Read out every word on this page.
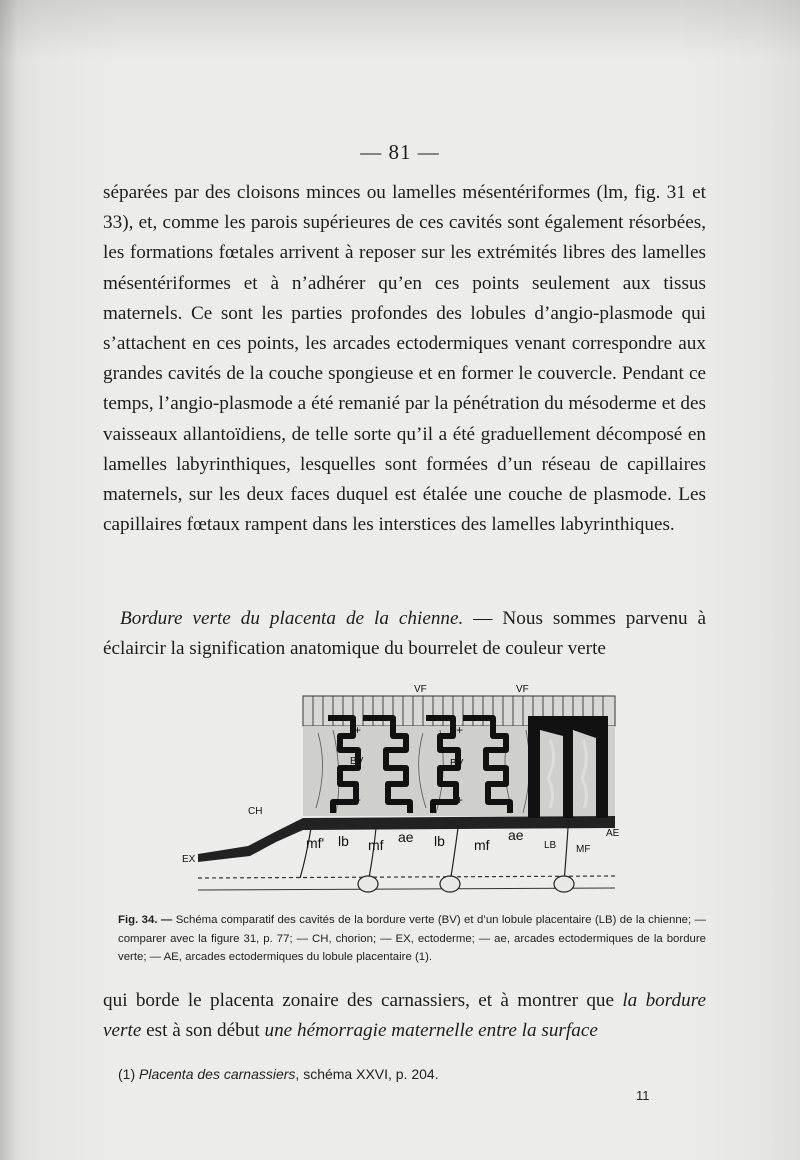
— 81 —

séparées par des cloisons minces ou lamelles mésentériformes (lm, fig. 31 et 33), et, comme les parois supérieures de ces cavités sont également résorbées, les formations fœtales arrivent à reposer sur les extrémités libres des lamelles mésentériformes et à n’adhérer qu’en ces points seulement aux tissus maternels. Ce sont les parties profondes des lobules d’angio-plasmode qui s’attachent en ces points, les arcades ectodermiques venant correspondre aux grandes cavités de la couche spongieuse et en former le couvercle. Pendant ce temps, l’angio-plasmode a été remanié par la pénétration du mésoderme et des vaisseaux allantoïdiens, de telle sorte qu’il a été graduellement décomposé en lamelles labyrinthiques, lesquelles sont formées d’un réseau de capillaires maternels, sur les deux faces duquel est étalée une couche de plasmode. Les capillaires fœtaux rampent dans les interstices des lamelles labyrinthiques.

Bordure verte du placenta de la chienne. — Nous sommes parvenu à éclaircir la signification anatomique du bourrelet de couleur verte

+	+
+	+
VF	VF
CH
EX
BV	BV
AE
mf' lb mf ae lb mf
ae
LB MF
Fig. 34. — Schéma comparatif des cavités de la bordure verte (BV) et d’un lobule placentaire (LB) de la chienne; — comparer avec la figure 31, p. 77; — CH, chorion; — EX, ectoderme; — ae, arcades ectodermiques de la bordure verte; — AE, arcades ectodermiques du lobule placentaire (1).

qui borde le placenta zonaire des carnassiers, et à montrer que la bordure verte est à son début une hémorragie maternelle entre la surface

(1) Placenta des carnassiers, schéma XXVI, p. 204.
11
